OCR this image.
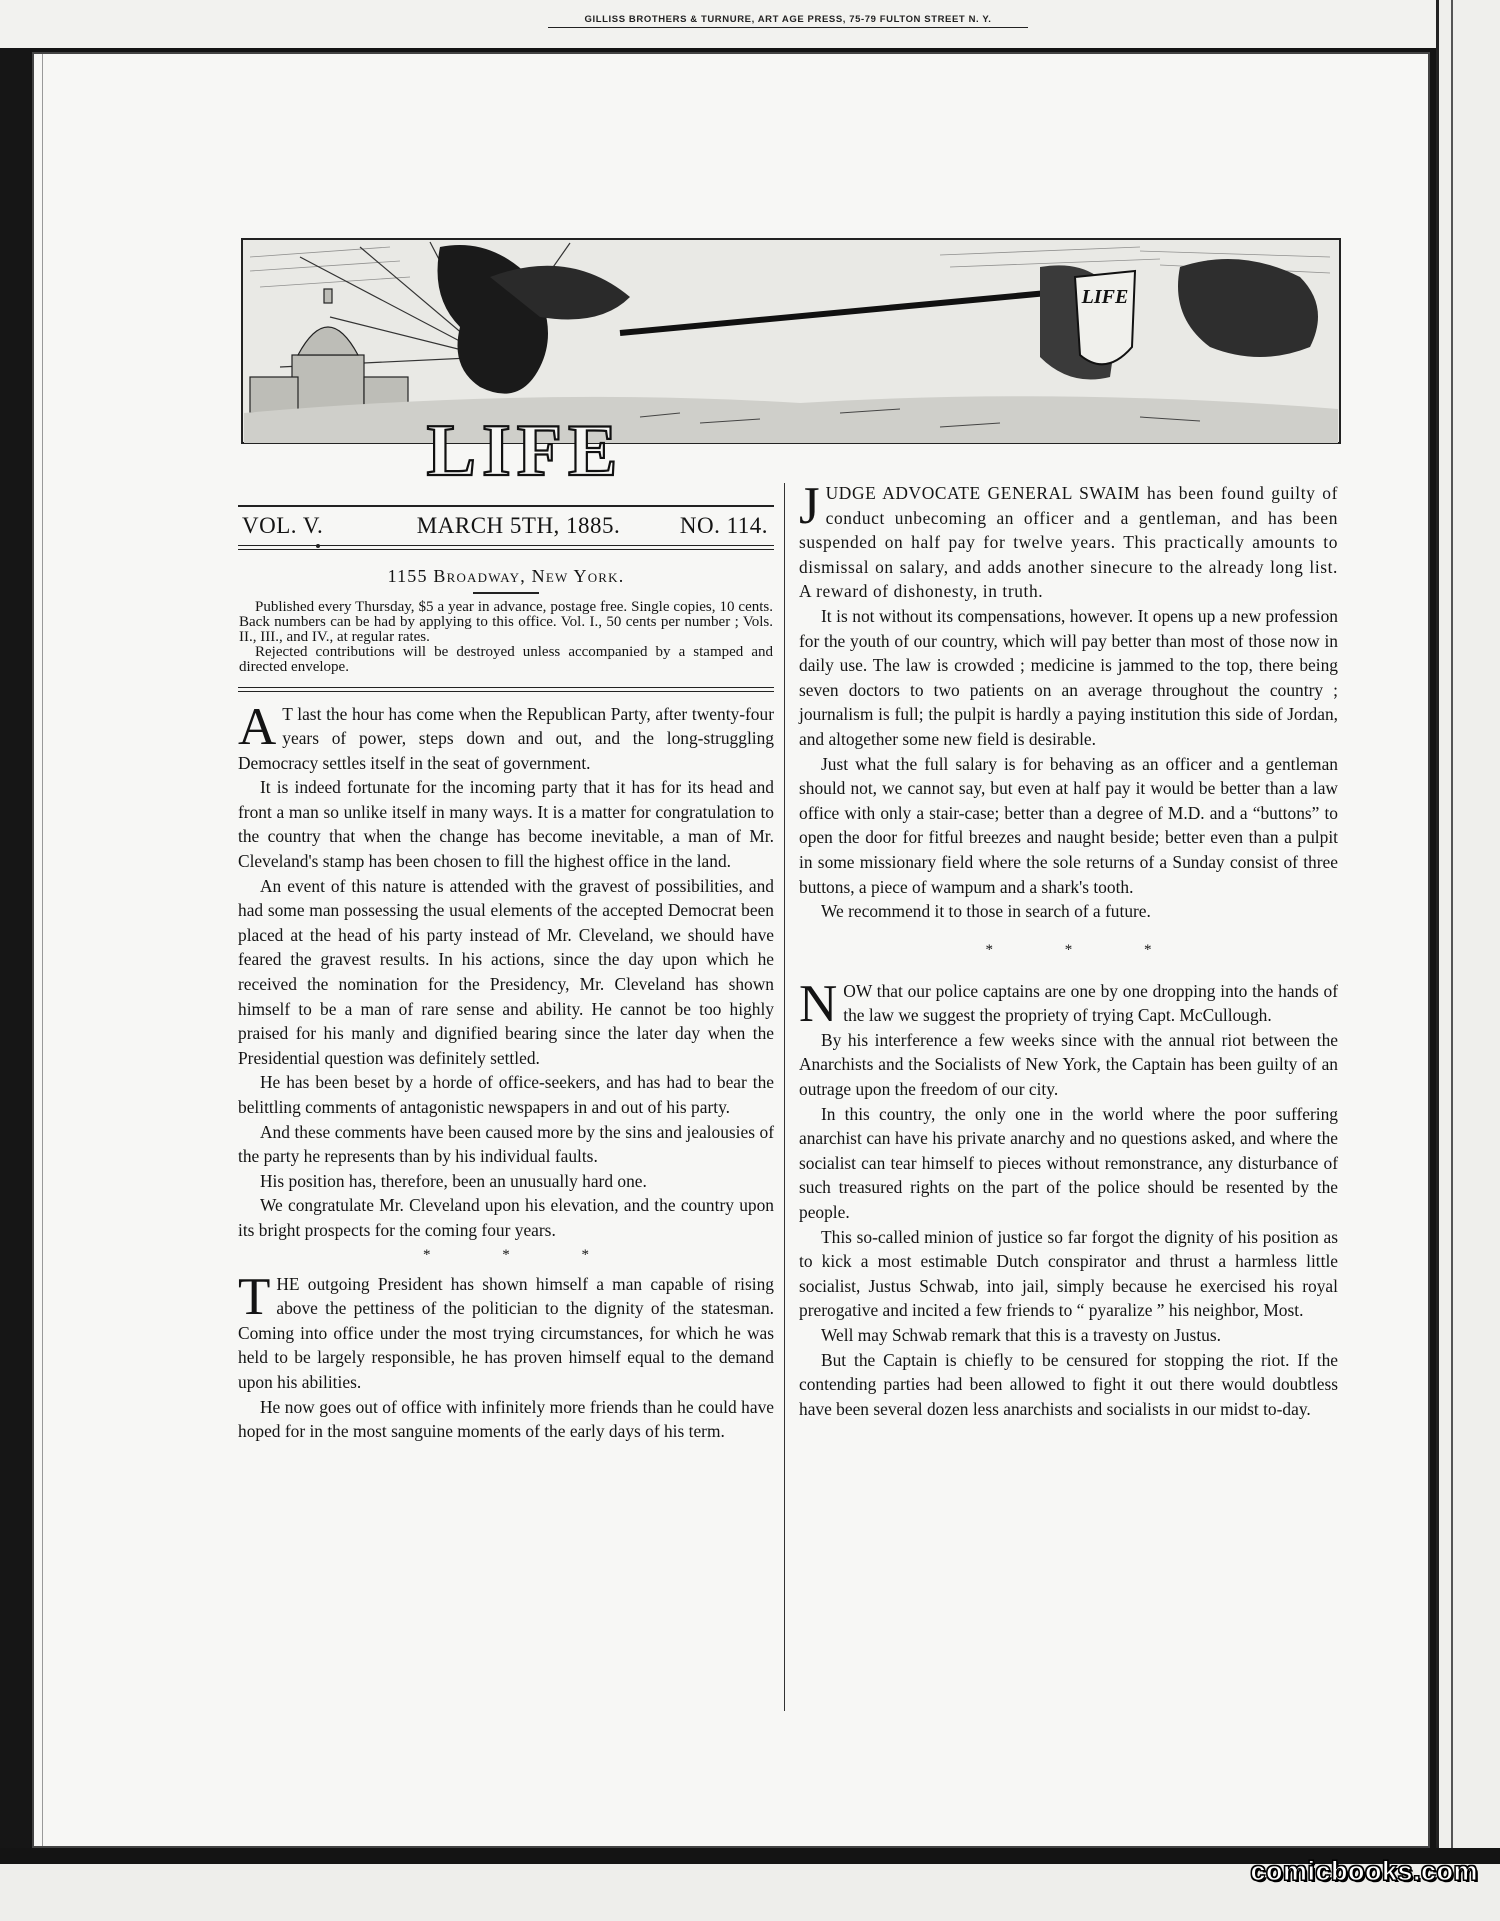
GILLISS BROTHERS & TURNURE, ART AGE PRESS, 75-79 FULTON STREET N. Y.
LIFE
LIFE
VOL. V.	MARCH 5TH, 1885.	NO. 114.
1155 Broadway, New York.

Published every Thursday, $5 a year in advance, postage free. Single copies, 10 cents. Back numbers can be had by applying to this office. Vol. I., 50 cents per number ; Vols. II., III., and IV., at regular rates.

Rejected contributions will be destroyed unless accompanied by a stamped and directed envelope.

A T last the hour has come when the Republican Party, after twenty-four years of power, steps down and out, and the long-struggling Democracy settles itself in the seat of government.

It is indeed fortunate for the incoming party that it has for its head and front a man so unlike itself in many ways. It is a matter for congratulation to the country that when the change has become inevitable, a man of Mr. Cleveland's stamp has been chosen to fill the highest office in the land.

An event of this nature is attended with the gravest of possibilities, and had some man possessing the usual elements of the accepted Democrat been placed at the head of his party instead of Mr. Cleveland, we should have feared the gravest results. In his actions, since the day upon which he received the nomination for the Presidency, Mr. Cleveland has shown himself to be a man of rare sense and ability. He cannot be too highly praised for his manly and dignified bearing since the later day when the Presidential question was definitely settled.

He has been beset by a horde of office-seekers, and has had to bear the belittling comments of antagonistic newspapers in and out of his party.

And these comments have been caused more by the sins and jealousies of the party he represents than by his individual faults.

His position has, therefore, been an unusually hard one.

We congratulate Mr. Cleveland upon his elevation, and the country upon its bright prospects for the coming four years.

* * *

THE outgoing President has shown himself a man capable of rising above the pettiness of the politician to the dignity of the statesman. Coming into office under the most trying circumstances, for which he was held to be largely responsible, he has proven himself equal to the demand upon his abilities.

He now goes out of office with infinitely more friends than he could have hoped for in the most sanguine moments of the early days of his term.

JUDGE ADVOCATE GENERAL SWAIM has been found guilty of conduct unbecoming an officer and a gentleman, and has been suspended on half pay for twelve years. This practically amounts to dismissal on salary, and adds another sinecure to the already long list. A reward of dishonesty, in truth.

It is not without its compensations, however. It opens up a new profession for the youth of our country, which will pay better than most of those now in daily use. The law is crowded ; medicine is jammed to the top, there being seven doctors to two patients on an average throughout the country ; journalism is full; the pulpit is hardly a paying institution this side of Jordan, and altogether some new field is desirable.

Just what the full salary is for behaving as an officer and a gentleman should not, we cannot say, but even at half pay it would be better than a law office with only a stair-case; better than a degree of M.D. and a “buttons” to open the door for fitful breezes and naught beside; better even than a pulpit in some missionary field where the sole returns of a Sunday consist of three buttons, a piece of wampum and a shark's tooth.

We recommend it to those in search of a future.

* * *

NOW that our police captains are one by one dropping into the hands of the law we suggest the propriety of trying Capt. McCullough.

By his interference a few weeks since with the annual riot between the Anarchists and the Socialists of New York, the Captain has been guilty of an outrage upon the freedom of our city.

In this country, the only one in the world where the poor suffering anarchist can have his private anarchy and no questions asked, and where the socialist can tear himself to pieces without remonstrance, any disturbance of such treasured rights on the part of the police should be resented by the people.

This so-called minion of justice so far forgot the dignity of his position as to kick a most estimable Dutch conspirator and thrust a harmless little socialist, Justus Schwab, into jail, simply because he exercised his royal prerogative and incited a few friends to “ pyaralize ” his neighbor, Most.

Well may Schwab remark that this is a travesty on Justus.

But the Captain is chiefly to be censured for stopping the riot. If the contending parties had been allowed to fight it out there would doubtless have been several dozen less anarchists and socialists in our midst to-day.

comicbooks.com
